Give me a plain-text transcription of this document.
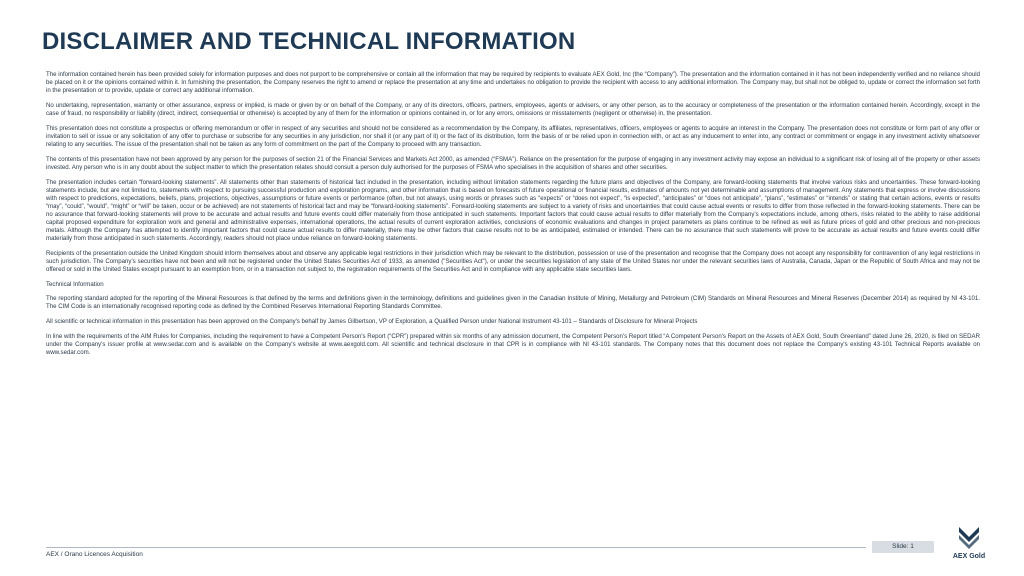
DISCLAIMER AND TECHNICAL INFORMATION

The information contained herein has been provided solely for information purposes and does not purport to be comprehensive or contain all the information that may be required by recipients to evaluate AEX Gold, Inc (the “Company”). The presentation and the information contained in it has not been independently verified and no reliance should be placed on it or the opinions contained within it. In furnishing the presentation, the Company reserves the right to amend or replace the presentation at any time and undertakes no obligation to provide the recipient with access to any additional information. The Company may, but shall not be obliged to, update or correct the information set forth in the presentation or to provide, update or correct any additional information.

No undertaking, representation, warranty or other assurance, express or implied, is made or given by or on behalf of the Company, or any of its directors, officers, partners, employees, agents or advisers, or any other person, as to the accuracy or completeness of the presentation or the information contained herein. Accordingly, except in the case of fraud, no responsibility or liability (direct, indirect, consequential or otherwise) is accepted by any of them for the information or opinions contained in, or for any errors, omissions or misstatements (negligent or otherwise) in, the presentation.

This presentation does not constitute a prospectus or offering memorandum or offer in respect of any securities and should not be considered as a recommendation by the Company, its affiliates, representatives, officers, employees or agents to acquire an interest in the Company. The presentation does not constitute or form part of any offer or invitation to sell or issue or any solicitation of any offer to purchase or subscribe for any securities in any jurisdiction, nor shall it (or any part of it) or the fact of its distribution, form the basis of or be relied upon in connection with, or act as any inducement to enter into, any contract or commitment or engage in any investment activity whatsoever relating to any securities. The issue of the presentation shall not be taken as any form of commitment on the part of the Company to proceed with any transaction.

The contents of this presentation have not been approved by any person for the purposes of section 21 of the Financial Services and Markets Act 2000, as amended (“FSMA”). Reliance on the presentation for the purpose of engaging in any investment activity may expose an individual to a significant risk of losing all of the property or other assets invested. Any person who is in any doubt about the subject matter to which the presentation relates should consult a person duly authorised for the purposes of FSMA who specialises in the acquisition of shares and other securities.

The presentation includes certain “forward-looking statements”. All statements other than statements of historical fact included in the presentation, including without limitation statements regarding the future plans and objectives of the Company, are forward-looking statements that involve various risks and uncertainties. These forward-looking statements include, but are not limited to, statements with respect to pursuing successful production and exploration programs, and other information that is based on forecasts of future operational or financial results, estimates of amounts not yet determinable and assumptions of management. Any statements that express or involve discussions with respect to predictions, expectations, beliefs, plans, projections, objectives, assumptions or future events or performance (often, but not always, using words or phrases such as “expects” or “does not expect”, “is expected”, “anticipates” or “does not anticipate”, “plans”, “estimates” or “intends” or stating that certain actions, events or results “may”, “could”, “would”, “might” or “will” be taken, occur or be achieved) are not statements of historical fact and may be “forward-looking statements”. Forward-looking statements are subject to a variety of risks and uncertainties that could cause actual events or results to differ from those reflected in the forward-looking statements. There can be no assurance that forward-looking statements will prove to be accurate and actual results and future events could differ materially from those anticipated in such statements. Important factors that could cause actual results to differ materially from the Company’s expectations include, among others, risks related to the ability to raise additional capital proposed expenditure for exploration work and general and administrative expenses, international operations, the actual results of current exploration activities, conclusions of economic evaluations and changes in project parameters as plans continue to be refined as well as future prices of gold and other precious and non-precious metals. Although the Company has attempted to identify important factors that could cause actual results to differ materially, there may be other factors that cause results not to be as anticipated, estimated or intended. There can be no assurance that such statements will prove to be accurate as actual results and future events could differ materially from those anticipated in such statements. Accordingly, readers should not place undue reliance on forward-looking statements.

Recipients of the presentation outside the United Kingdom should inform themselves about and observe any applicable legal restrictions in their jurisdiction which may be relevant to the distribution, possession or use of the presentation and recognise that the Company does not accept any responsibility for contravention of any legal restrictions in such jurisdiction. The Company’s securities have not been and will not be registered under the United States Securities Act of 1933, as amended ("Securities Act"), or under the securities legislation of any state of the United States nor under the relevant securities laws of Australia, Canada, Japan or the Republic of South Africa and may not be offered or sold in the United States except pursuant to an exemption from, or in a transaction not subject to, the registration requirements of the Securities Act and in compliance with any applicable state securities laws.

Technical Information

The reporting standard adopted for the reporting of the Mineral Resources is that defined by the terms and definitions given in the terminology, definitions and guidelines given in the Canadian Institute of Mining, Metallurgy and Petroleum (CIM) Standards on Mineral Resources and Mineral Reserves (December 2014) as required by NI 43-101. The CIM Code is an internationally recognised reporting code as defined by the Combined Reserves International Reporting Standards Committee.

All scientific or technical information in this presentation has been approved on the Company's behalf by James Gilbertson, VP of Exploration, a Qualified Person under National Instrument 43-101 – Standards of Disclosure for Mineral Projects

In line with the requirements of the AIM Rules for Companies, including the requirement to have a Competent Person's Report (“CPR”) prepared within six months of any admission document, the Competent Person's Report titled “A Competent Person's Report on the Assets of AEX Gold, South Greenland” dated June 26, 2020, is filed on SEDAR under the Company's issuer profile at www.sedar.com and is available on the Company's website at www.aexgold.com. All scientific and technical disclosure in that CPR is in compliance with NI 43-101 standards. The Company notes that this document does not replace the Company's existing 43-101 Technical Reports available on www.sedar.com.

AEX / Orano Licences Acquisition
Slide: 1
AEX Gold
